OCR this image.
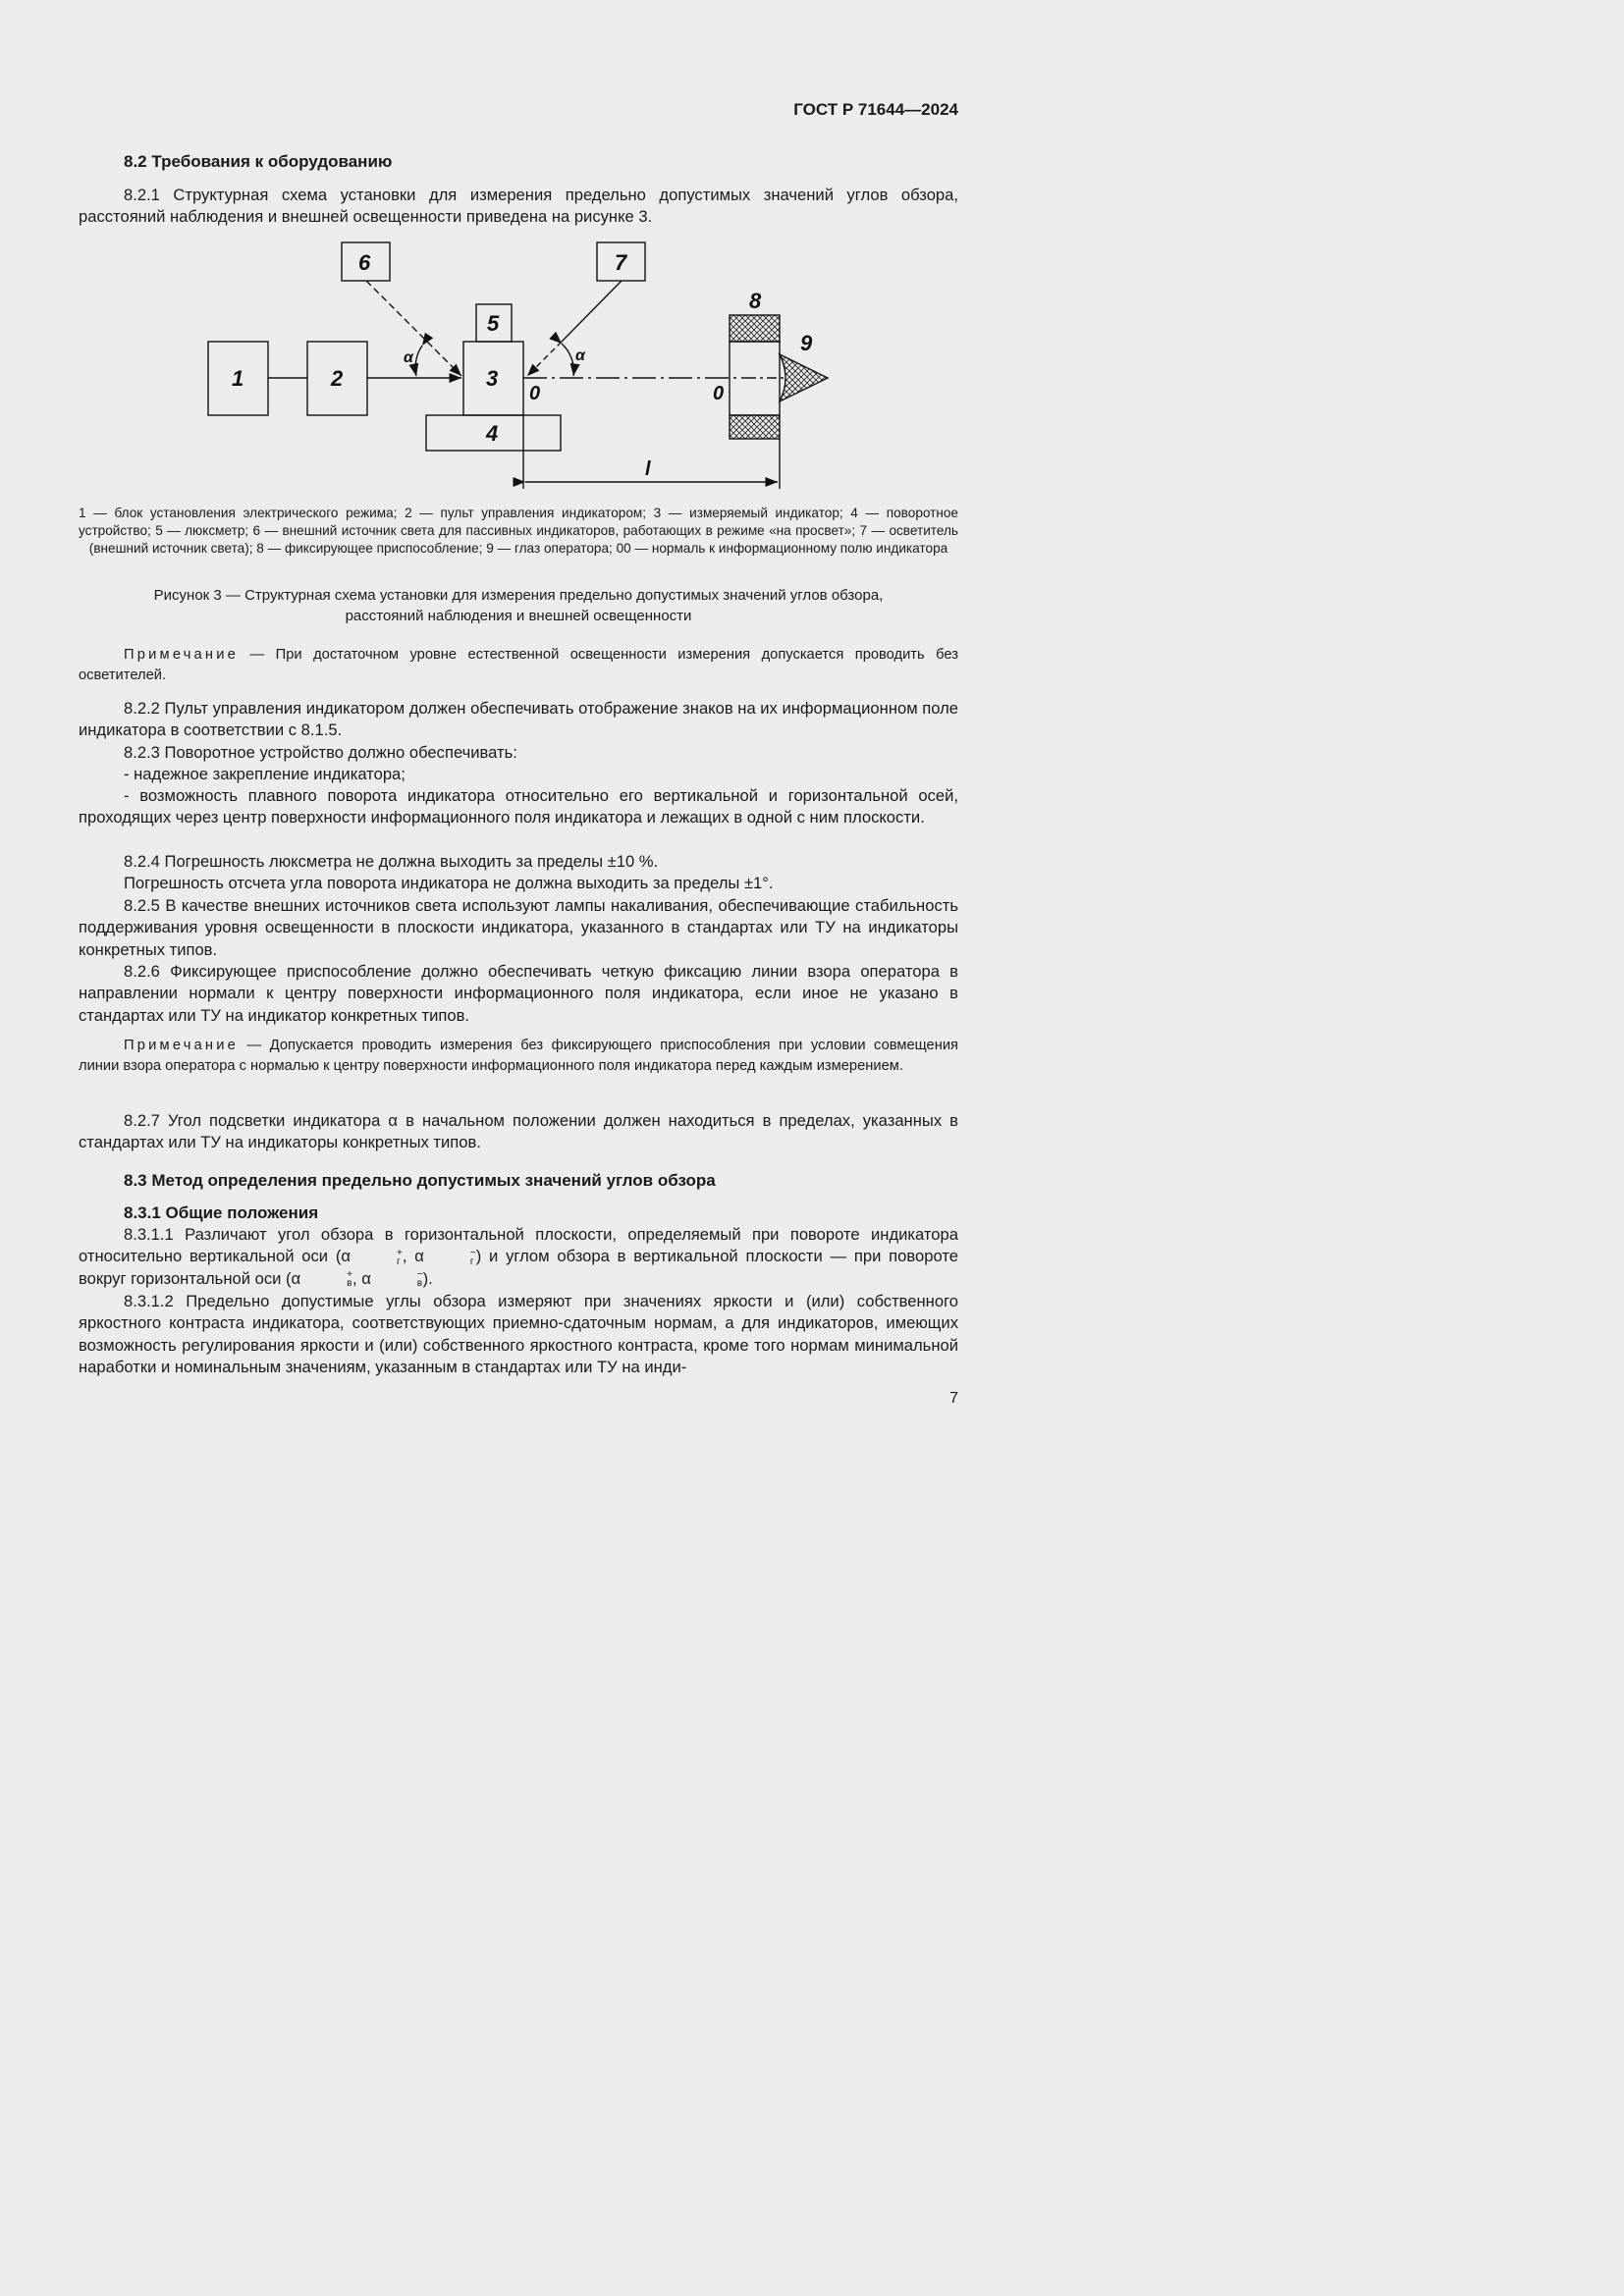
ГОСТ Р 71644—2024
8.2 Требования к оборудованию
8.2.1 Структурная схема установки для измерения предельно допустимых значений углов обзора, расстояний наблюдения и внешней освещенности приведена на рисунке 3.
1	2	3
4
5
6	7
8
9
α	α
0	0
l
1 — блок установления электрического режима; 2 — пульт управления индикатором; 3 — измеряемый индикатор; 4 — поворотное устройство; 5 — люксметр; 6 — внешний источник света для пассивных индикаторов, работающих в режиме «на просвет»; 7 — осветитель (внешний источник света); 8 — фиксирующее приспособление; 9 — глаз оператора; 00 — нормаль к информационному полю индикатора
Рисунок 3 — Структурная схема установки для измерения предельно допустимых значений углов обзора,
расстояний наблюдения и внешней освещенности
Примечание — При достаточном уровне естественной освещенности измерения допускается проводить без осветителей.
8.2.2 Пульт управления индикатором должен обеспечивать отображение знаков на их информационном поле индикатора в соответствии с 8.1.5.
8.2.3 Поворотное устройство должно обеспечивать:
- надежное закрепление индикатора;
- возможность плавного поворота индикатора относительно его вертикальной и горизонтальной осей, проходящих через центр поверхности информационного поля индикатора и лежащих в одной с ним плоскости.
8.2.4 Погрешность люксметра не должна выходить за пределы ±10 %.
Погрешность отсчета угла поворота индикатора не должна выходить за пределы ±1°.
8.2.5 В качестве внешних источников света используют лампы накаливания, обеспечивающие стабильность поддерживания уровня освещенности в плоскости индикатора, указанного в стандартах или ТУ на индикаторы конкретных типов.
8.2.6 Фиксирующее приспособление должно обеспечивать четкую фиксацию линии взора оператора в направлении нормали к центру поверхности информационного поля индикатора, если иное не указано в стандартах или ТУ на индикатор конкретных типов.
Примечание — Допускается проводить измерения без фиксирующего приспособления при условии совмещения линии взора оператора с нормалью к центру поверхности информационного поля индикатора перед каждым измерением.
8.2.7 Угол подсветки индикатора α в начальном положении должен находиться в пределах, указанных в стандартах или ТУ на индикаторы конкретных типов.
8.3 Метод определения предельно допустимых значений углов обзора
8.3.1 Общие положения
8.3.1.1 Различают угол обзора в горизонтальной плоскости, определяемый при повороте индикатора относительно вертикальной оси (α	+
г , α	−
г ) и углом обзора в вертикальной плоскости — при повороте вокруг горизонтальной оси (α	+
в , α	−
в ).
8.3.1.2 Предельно допустимые углы обзора измеряют при значениях яркости и (или) собственного яркостного контраста индикатора, соответствующих приемно-сдаточным нормам, а для индикаторов, имеющих возможность регулирования яркости и (или) собственного яркостного контраста, кроме того нормам минимальной наработки и номинальным значениям, указанным в стандартах или ТУ на инди-
7
